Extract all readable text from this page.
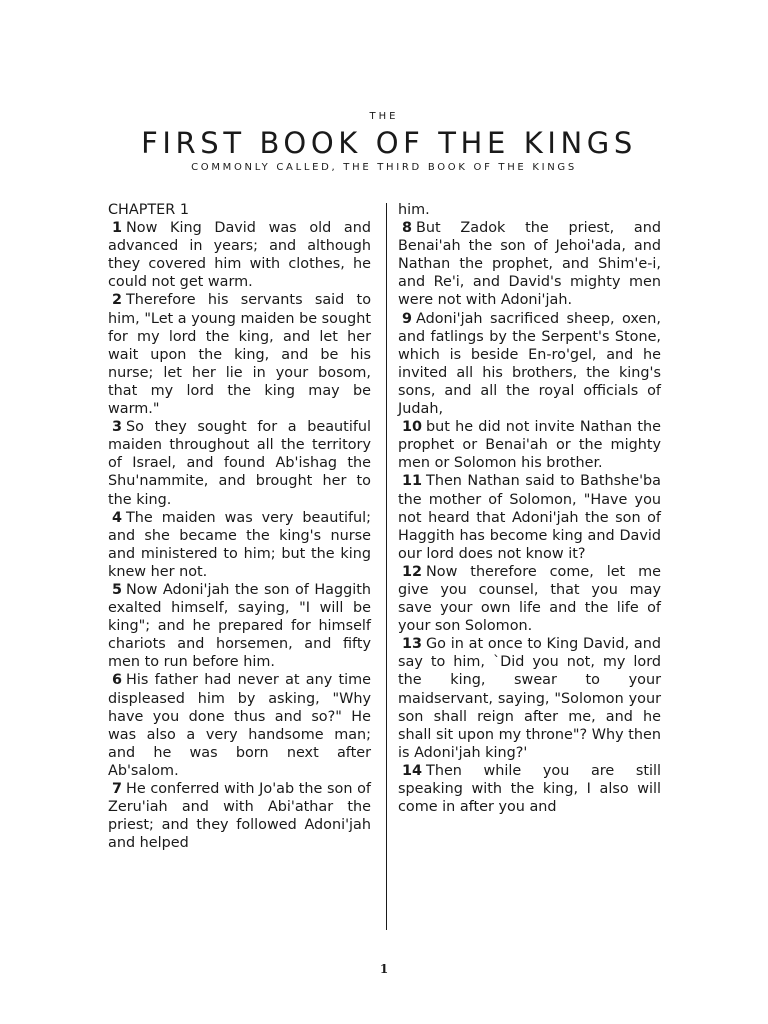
THE
FIRST BOOK OF THE KINGS
COMMONLY CALLED, THE THIRD BOOK OF THE KINGS
CHAPTER 1

1 Now King David was old and advanced in years; and although they covered him with clothes, he could not get warm.

2 Therefore his servants said to him, "Let a young maiden be sought for my lord the king, and let her wait upon the king, and be his nurse; let her lie in your bosom, that my lord the king may be warm."

3 So they sought for a beautiful maiden throughout all the territory of Israel, and found Ab'ishag the Shu'nammite, and brought her to the king.

4 The maiden was very beautiful; and she became the king's nurse and ministered to him; but the king knew her not.

5 Now Adoni'jah the son of Haggith exalted himself, saying, "I will be king"; and he prepared for himself chariots and horsemen, and fifty men to run before him.

6 His father had never at any time displeased him by asking, "Why have you done thus and so?" He was also a very handsome man; and he was born next after Ab'salom.

7 He conferred with Jo'ab the son of Zeru'iah and with Abi'athar the priest; and they followed Adoni'jah and helped

him.

8 But Zadok the priest, and Benai'ah the son of Jehoi'ada, and Nathan the prophet, and Shim'e-i, and Re'i, and David's mighty men were not with Adoni'jah.

9 Adoni'jah sacrificed sheep, oxen, and fatlings by the Serpent's Stone, which is beside En-ro'gel, and he invited all his brothers, the king's sons, and all the royal officials of Judah,

10 but he did not invite Nathan the prophet or Benai'ah or the mighty men or Solomon his brother.

11 Then Nathan said to Bathshe'ba the mother of Solomon, "Have you not heard that Adoni'jah the son of Haggith has become king and David our lord does not know it?

12 Now therefore come, let me give you counsel, that you may save your own life and the life of your son Solomon.

13 Go in at once to King David, and say to him, `Did you not, my lord the king, swear to your maidservant, saying, "Solomon your son shall reign after me, and he shall sit upon my throne"? Why then is Adoni'jah king?'

14 Then while you are still speaking with the king, I also will come in after you and

1
